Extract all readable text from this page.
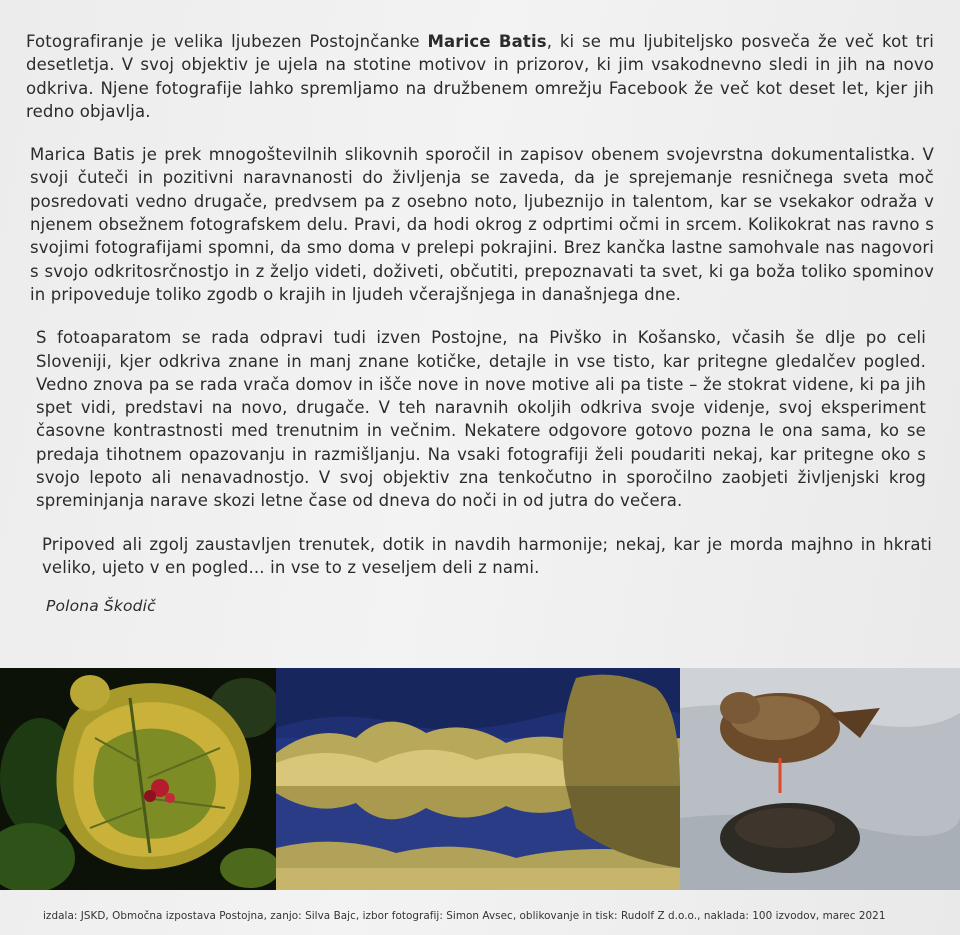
Fotografiranje je velika ljubezen Postojnčanke Marice Batis, ki se mu ljubiteljsko posveča že več kot tri desetletja. V svoj objektiv je ujela na stotine motivov in prizorov, ki jim vsakodnevno sledi in jih na novo odkriva. Njene fotografije lahko spremljamo na družbenem omrežju Facebook že več kot deset let, kjer jih redno objavlja.

Marica Batis je prek mnogoštevilnih slikovnih sporočil in zapisov obenem svojevrstna dokumentalistka. V svoji čuteči in pozitivni naravnanosti do življenja se zaveda, da je sprejemanje resničnega sveta moč posredovati vedno drugače, predvsem pa z osebno noto, ljubeznijo in talentom, kar se vsekakor odraža v njenem obsežnem fotografskem delu. Pravi, da hodi okrog z odprtimi očmi in srcem. Kolikokrat nas ravno s svojimi fotografijami spomni, da smo doma v prelepi pokrajini. Brez kančka lastne samohvale nas nagovori s svojo odkritosrčnostjo in z željo videti, doživeti, občutiti, prepoznavati ta svet, ki ga boža toliko spominov in pripoveduje toliko zgodb o krajih in ljudeh včerajšnjega in današnjega dne.

S fotoaparatom se rada odpravi tudi izven Postojne, na Pivško in Košansko, včasih še dlje po celi Sloveniji, kjer odkriva znane in manj znane kotičke, detajle in vse tisto, kar pritegne gledalčev pogled. Vedno znova pa se rada vrača domov in išče nove in nove motive ali pa tiste – že stokrat videne, ki pa jih spet vidi, predstavi na novo, drugače. V teh naravnih okoljih odkriva svoje videnje, svoj eksperiment časovne kontrastnosti med trenutnim in večnim. Nekatere odgovore gotovo pozna le ona sama, ko se predaja tihotnem opazovanju in razmišljanju. Na vsaki fotografiji želi poudariti nekaj, kar pritegne oko s svojo lepoto ali nenavadnostjo. V svoj objektiv zna tenkočutno in sporočilno zaobjeti življenjski krog spreminjanja narave skozi letne čase od dneva do noči in od jutra do večera.

Pripoved ali zgolj zaustavljen trenutek, dotik in navdih harmonije; nekaj, kar je morda majhno in hkrati veliko, ujeto v en pogled... in vse to z veseljem deli z nami.

Polona Škodič
izdala: JSKD, Območna izpostava Postojna, zanjo: Silva Bajc, izbor fotografij: Simon Avsec, oblikovanje in tisk: Rudolf Z d.o.o., naklada: 100 izvodov, marec 2021
